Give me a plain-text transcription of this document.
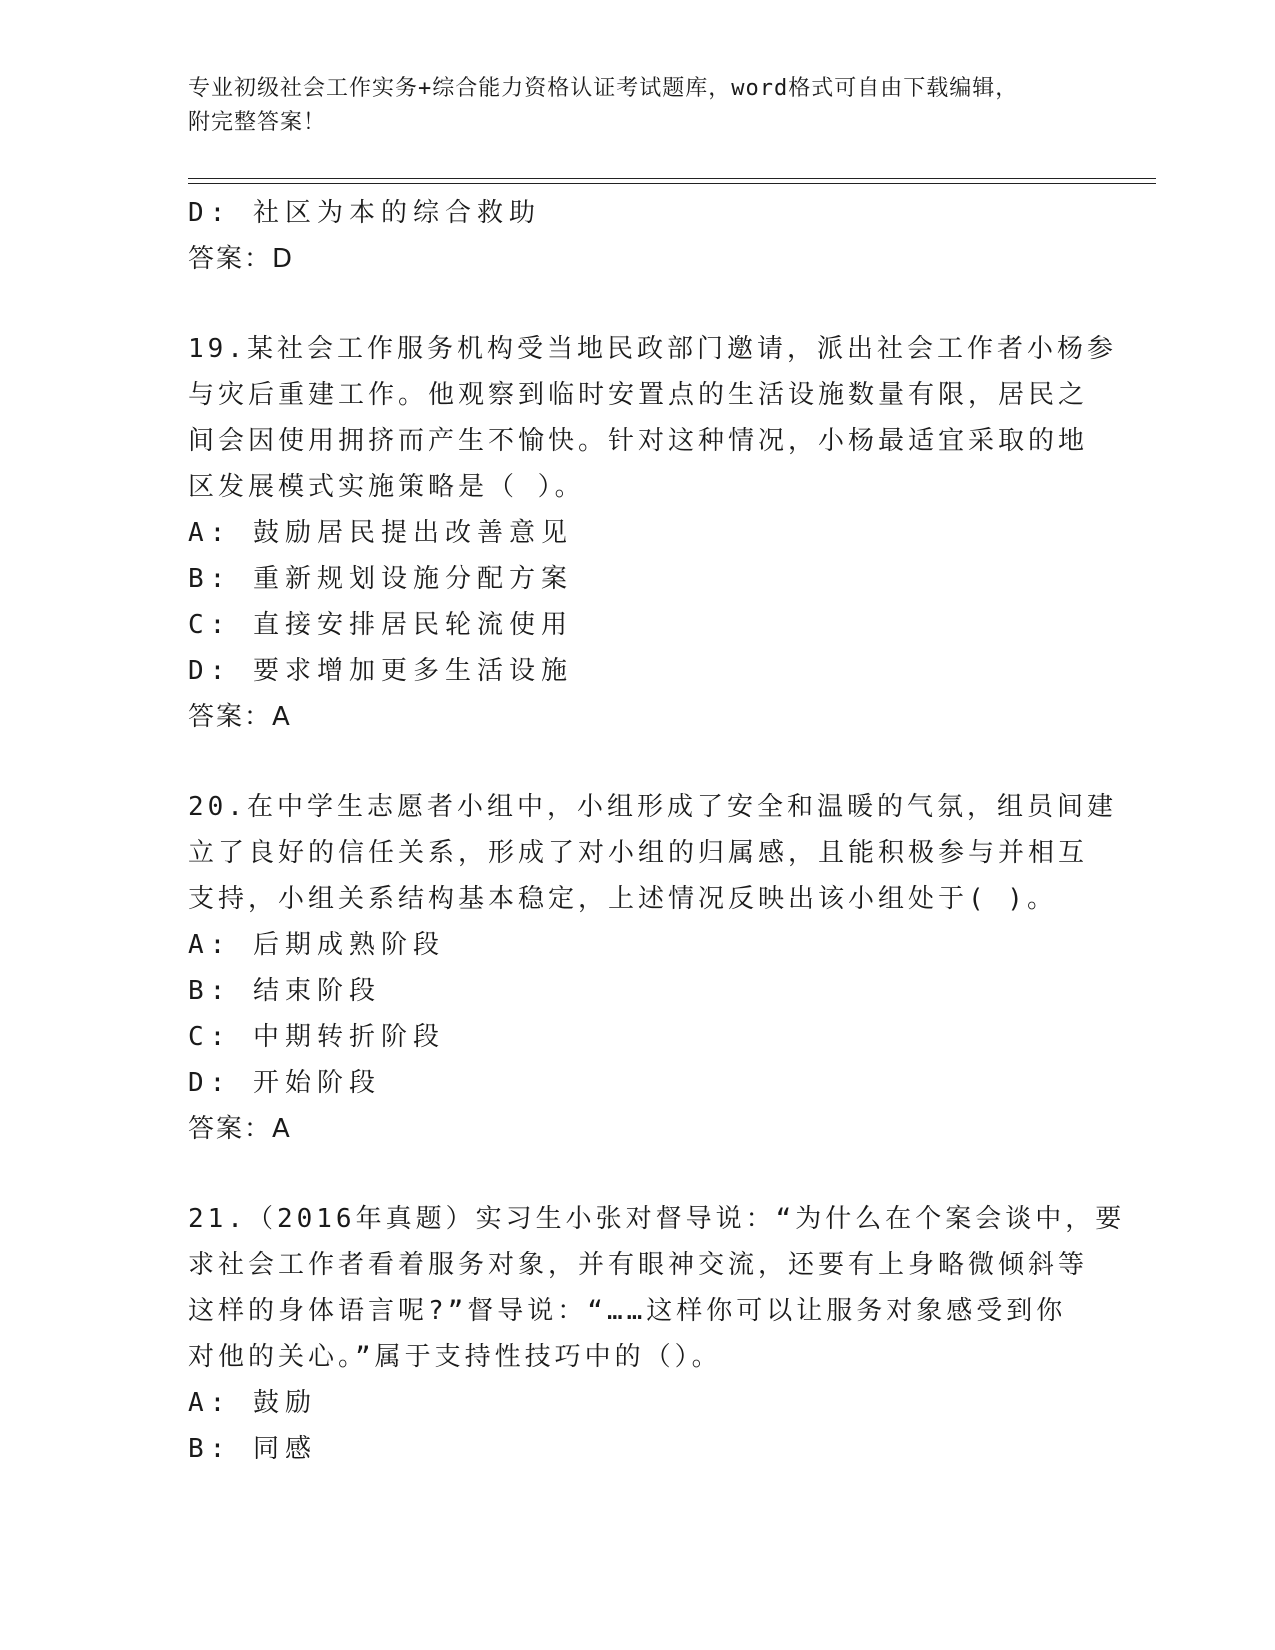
专业初级社会工作实务+综合能力资格认证考试题库，word格式可自由下载编辑，
附完整答案！
D: 社区为本的综合救助
答案：D
19.某社会工作服务机构受当地民政部门邀请，派出社会工作者小杨参
与灾后重建工作。他观察到临时安置点的生活设施数量有限，居民之
间会因使用拥挤而产生不愉快。针对这种情况，小杨最适宜采取的地
区发展模式实施策略是（ ）。
A: 鼓励居民提出改善意见
B: 重新规划设施分配方案
C: 直接安排居民轮流使用
D: 要求增加更多生活设施
答案：A
20.在中学生志愿者小组中，小组形成了安全和温暖的气氛，组员间建
立了良好的信任关系，形成了对小组的归属感，且能积极参与并相互
支持，小组关系结构基本稳定，上述情况反映出该小组处于( )。
A: 后期成熟阶段
B: 结束阶段
C: 中期转折阶段
D: 开始阶段
答案：A
21.（2016年真题）实习生小张对督导说：“为什么在个案会谈中，要
求社会工作者看着服务对象，并有眼神交流，还要有上身略微倾斜等
这样的身体语言呢?”督导说：“……这样你可以让服务对象感受到你
对他的关心。”属于支持性技巧中的（）。
A: 鼓励
B: 同感
